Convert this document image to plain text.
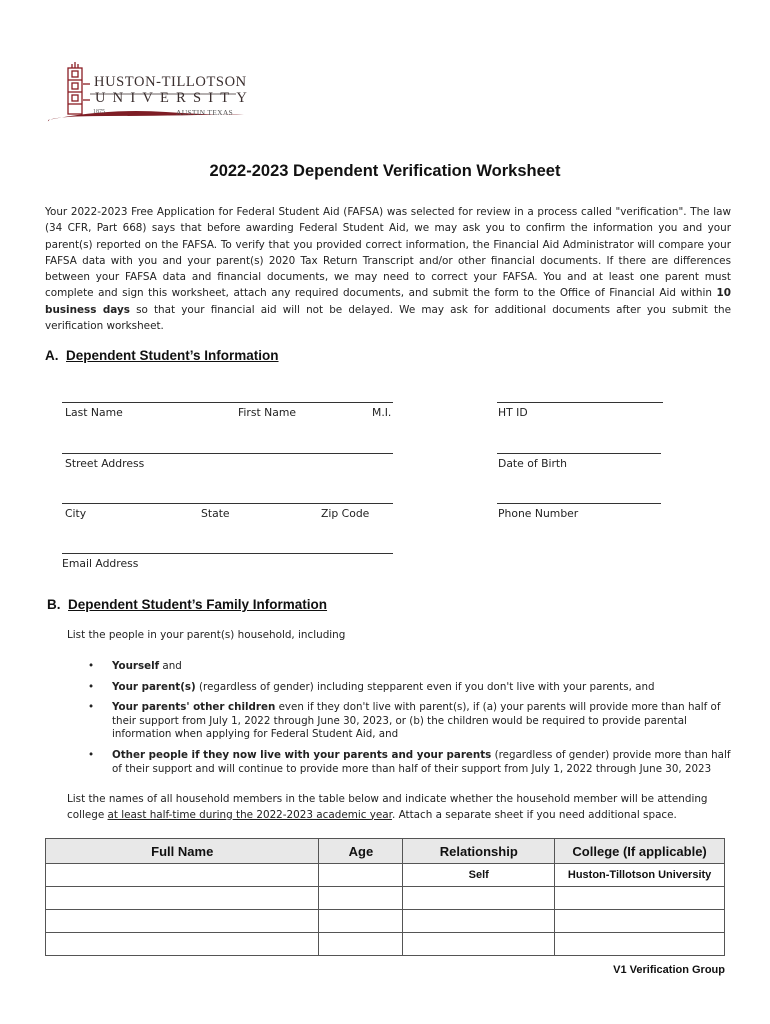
HUSTON-TILLOTSON
UNIVERSITY
1875	AUSTIN TEXAS
2022-2023 Dependent Verification Worksheet
Your 2022-2023 Free Application for Federal Student Aid (FAFSA) was selected for review in a process called "verification". The law (34 CFR, Part 668) says that before awarding Federal Student Aid, we may ask you to confirm the information you and your parent(s) reported on the FAFSA. To verify that you provided correct information, the Financial Aid Administrator will compare your FAFSA data with you and your parent(s) 2020 Tax Return Transcript and/or other financial documents. If there are differences between your FAFSA data and financial documents, we may need to correct your FAFSA. You and at least one parent must complete and sign this worksheet, attach any required documents, and submit the form to the Office of Financial Aid within 10 business days so that your financial aid will not be delayed. We may ask for additional documents after you submit the verification worksheet.
A. Dependent Student’s Information
Last Name	First Name	M.I.	HT ID
Street Address	Date of Birth
City	State	Zip Code	Phone Number
Email Address
B. Dependent Student’s Family Information
List the people in your parent(s) household, including
• Yourself and
• Your parent(s) (regardless of gender) including stepparent even if you don't live with your parents, and
• Your parents' other children even if they don't live with parent(s), if (a) your parents will provide more than half of their support from July 1, 2022 through June 30, 2023, or (b) the children would be required to provide parental information when applying for Federal Student Aid, and
• Other people if they now live with your parents and your parents (regardless of gender) provide more than half of their support and will continue to provide more than half of their support from July 1, 2022 through June 30, 2023
List the names of all household members in the table below and indicate whether the household member will be attending
college at least half-time during the 2022-2023 academic year. Attach a separate sheet if you need additional space.
Full Name	Age	Relationship	College (If applicable)
		Self	Huston-Tillotson University

V1 Verification Group
